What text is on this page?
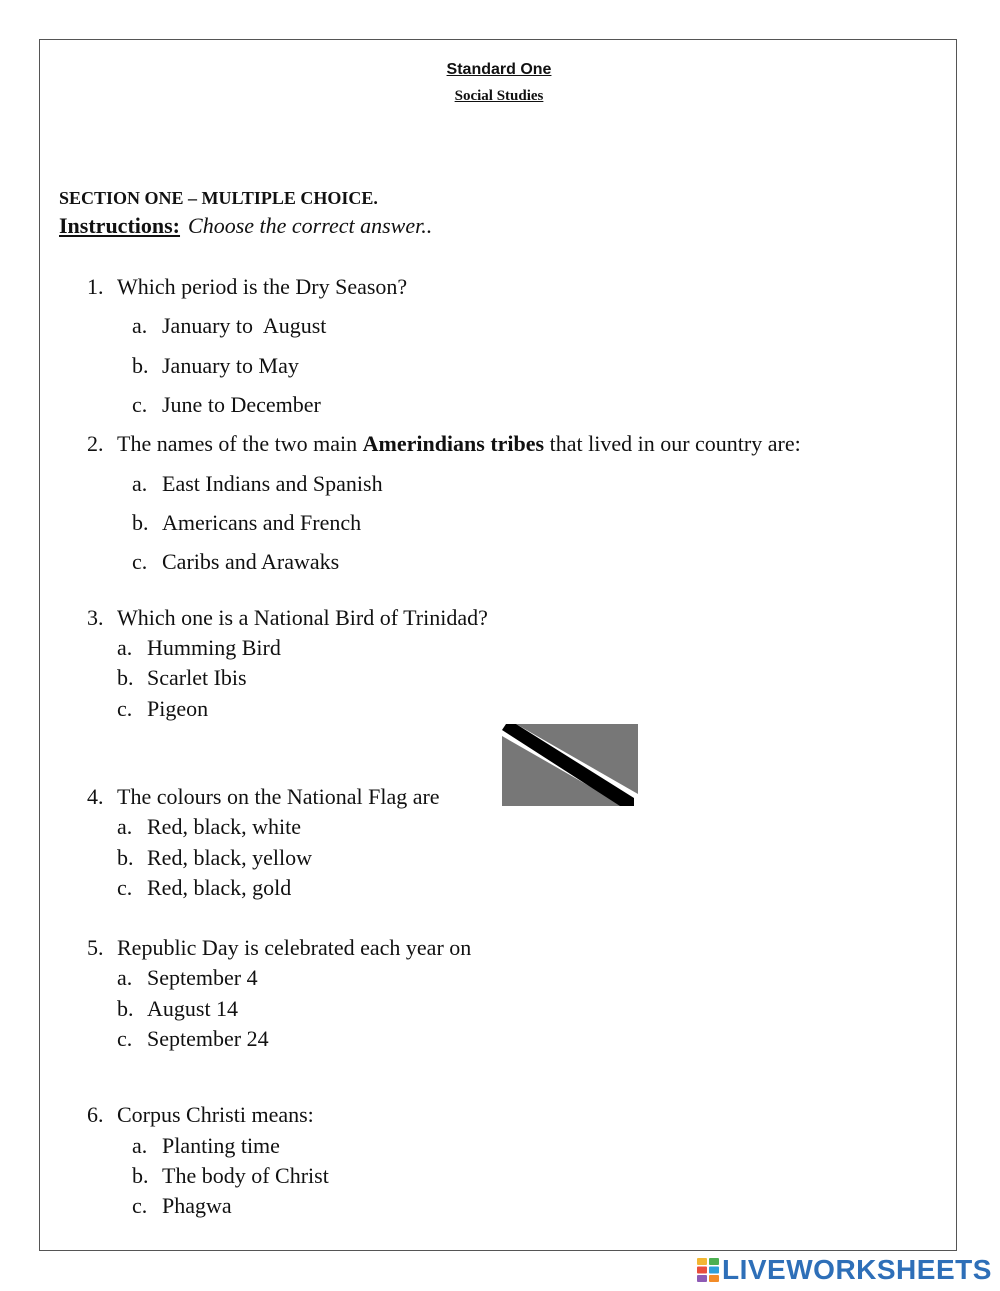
Standard One
Social Studies
SECTION ONE – MULTIPLE CHOICE.
Instructions: Choose the correct answer..
1. Which period is the Dry Season?
a. January to  August
b. January to May
c. June to December
2. The names of the two main Amerindians tribes that lived in our country are:
a. East Indians and Spanish
b. Americans and French
c. Caribs and Arawaks
3. Which one is a National Bird of Trinidad?
a. Humming Bird
b. Scarlet Ibis
c. Pigeon
4. The colours on the National Flag are
a. Red, black, white
b. Red, black, yellow
c. Red, black, gold
5. Republic Day is celebrated each year on
a. September 4
b. August 14
c. September 24
6. Corpus Christi means:
a. Planting time
b. The body of Christ
c. Phagwa
LIVEWORKSHEETS
